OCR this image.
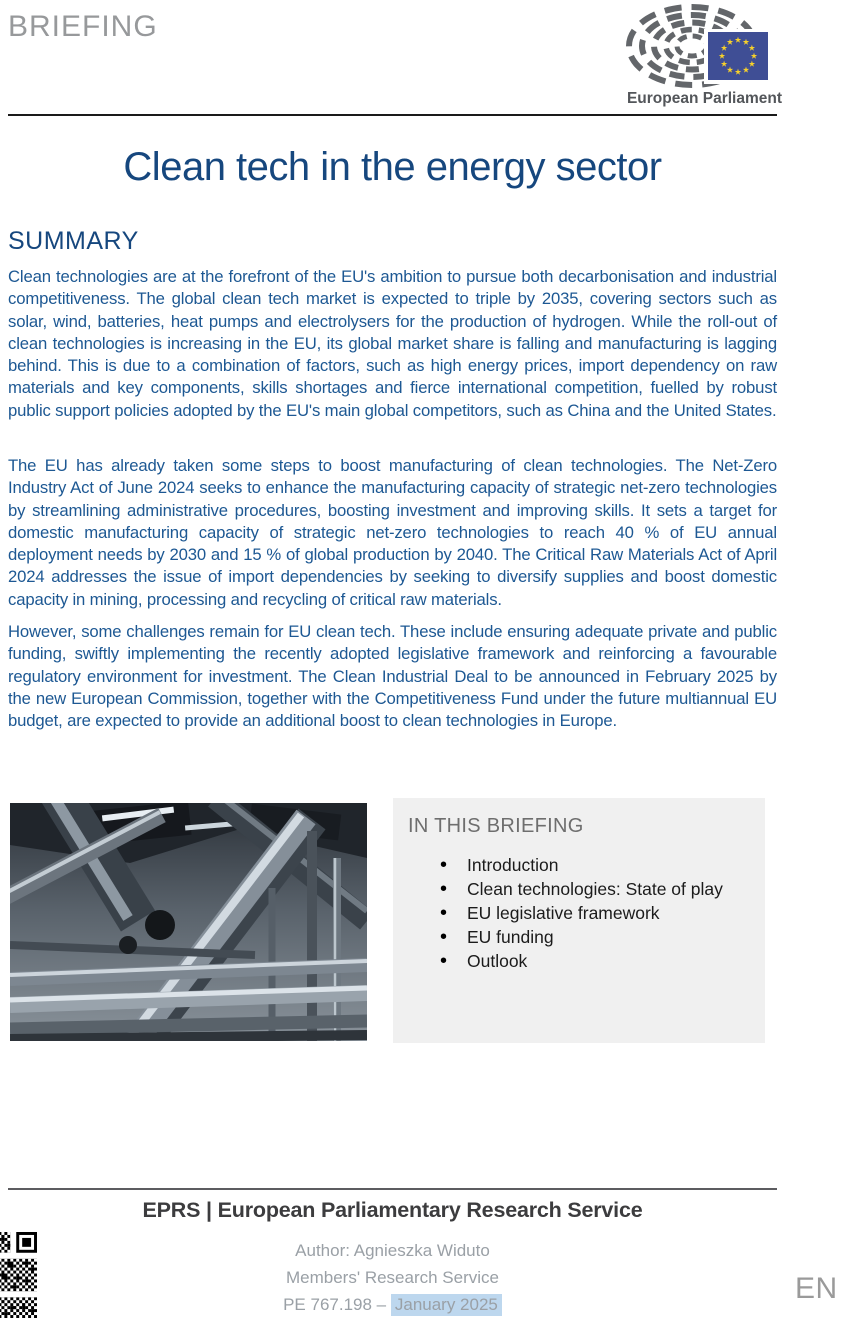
BRIEFING
European Parliament
Clean tech in the energy sector
SUMMARY

Clean technologies are at the forefront of the EU's ambition to pursue both decarbonisation and industrial competitiveness. The global clean tech market is expected to triple by 2035, covering sectors such as solar, wind, batteries, heat pumps and electrolysers for the production of hydrogen. While the roll-out of clean technologies is increasing in the EU, its global market share is falling and manufacturing is lagging behind. This is due to a combination of factors, such as high energy prices, import dependency on raw materials and key components, skills shortages and fierce international competition, fuelled by robust public support policies adopted by the EU's main global competitors, such as China and the United States.

The EU has already taken some steps to boost manufacturing of clean technologies. The Net-Zero Industry Act of June 2024 seeks to enhance the manufacturing capacity of strategic net-zero technologies by streamlining administrative procedures, boosting investment and improving skills. It sets a target for domestic manufacturing capacity of strategic net-zero technologies to reach 40 % of EU annual deployment needs by 2030 and 15 % of global production by 2040. The Critical Raw Materials Act of April 2024 addresses the issue of import dependencies by seeking to diversify supplies and boost domestic capacity in mining, processing and recycling of critical raw materials.

However, some challenges remain for EU clean tech. These include ensuring adequate private and public funding, swiftly implementing the recently adopted legislative framework and reinforcing a favourable regulatory environment for investment. The Clean Industrial Deal to be announced in February 2025 by the new European Commission, together with the Competitiveness Fund under the future multiannual EU budget, are expected to provide an additional boost to clean technologies in Europe.

IN THIS BRIEFING
• Introduction
• Clean technologies: State of play
• EU legislative framework
• EU funding
• Outlook
EPRS | European Parliamentary Research Service
Author: Agnieszka Widuto
Members' Research Service
PE 767.198 – January 2025	EN
